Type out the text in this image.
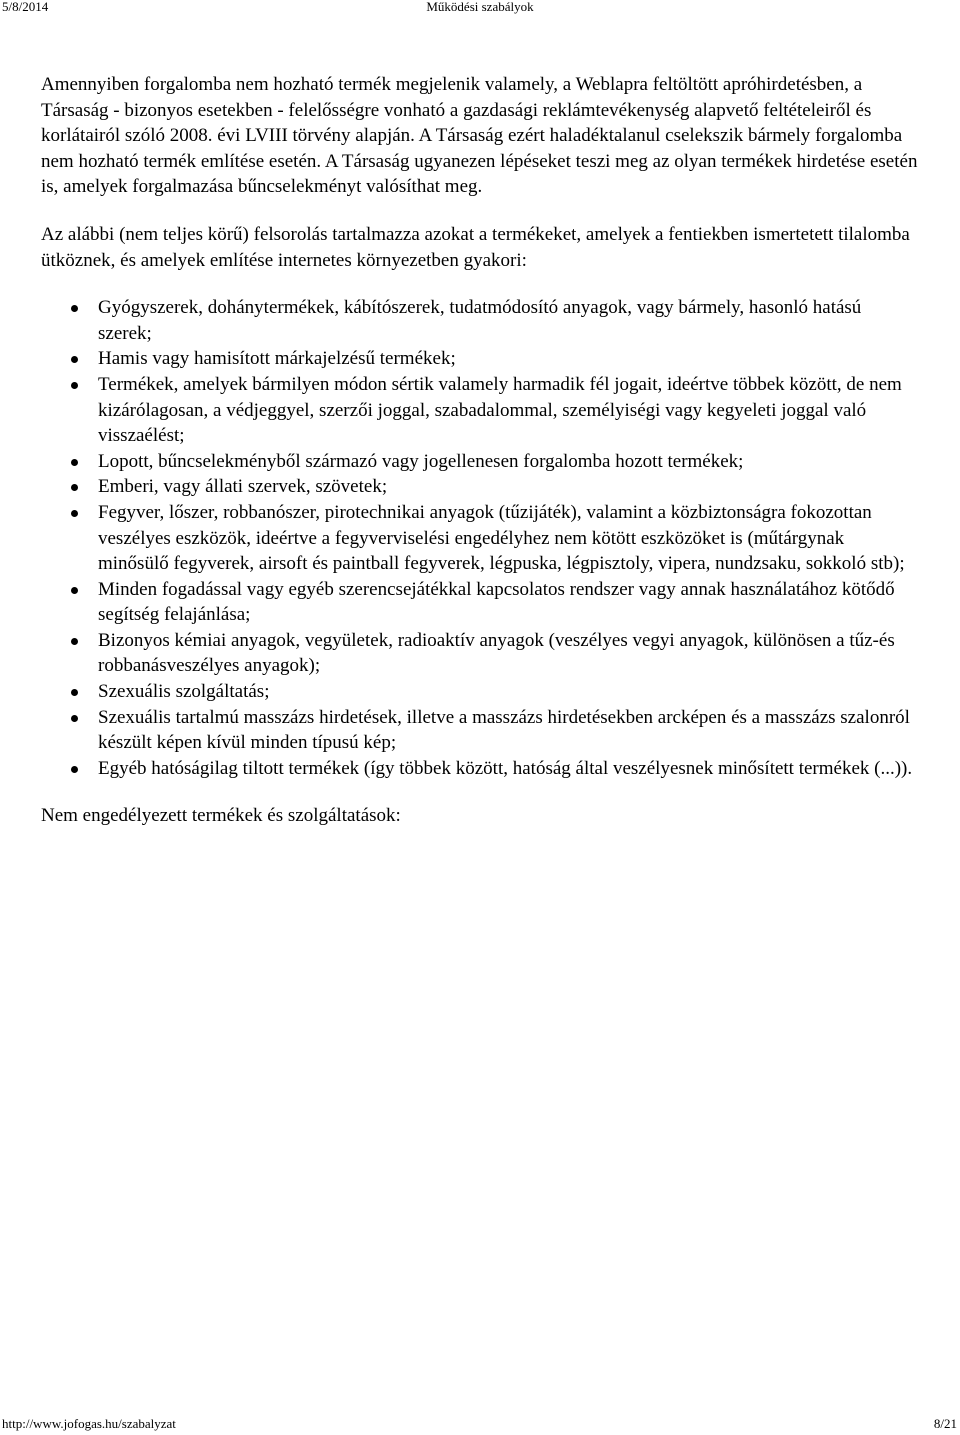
5/8/2014	Működési szabályok

Amennyiben forgalomba nem hozható termék megjelenik valamely, a Weblapra feltöltött apróhirdetésben, a Társaság - bizonyos esetekben - felelősségre vonható a gazdasági reklámtevékenység alapvető feltételeiről és korlátairól szóló 2008. évi LVIII törvény alapján. A Társaság ezért haladéktalanul cselekszik bármely forgalomba nem hozható termék említése esetén. A Társaság ugyanezen lépéseket teszi meg az olyan termékek hirdetése esetén is, amelyek forgalmazása bűncselekményt valósíthat meg.

Az alábbi (nem teljes körű) felsorolás tartalmazza azokat a termékeket, amelyek a fentiekben ismertetett tilalomba ütköznek, és amelyek említése internetes környezetben gyakori:

Gyógyszerek, dohánytermékek, kábítószerek, tudatmódosító anyagok, vagy bármely, hasonló hatású szerek;
Hamis vagy hamisított márkajelzésű termékek;
Termékek, amelyek bármilyen módon sértik valamely harmadik fél jogait, ideértve többek között, de nem kizárólagosan, a védjeggyel, szerzői joggal, szabadalommal, személyiségi vagy kegyeleti joggal való visszaélést;
Lopott, bűncselekményből származó vagy jogellenesen forgalomba hozott termékek;
Emberi, vagy állati szervek, szövetek;
Fegyver, lőszer, robbanószer, pirotechnikai anyagok (tűzijáték), valamint a közbiztonságra fokozottan veszélyes eszközök, ideértve a fegyverviselési engedélyhez nem kötött eszközöket is (műtárgynak minősülő fegyverek, airsoft és paintball fegyverek, légpuska, légpisztoly, vipera, nundzsaku, sokkoló stb);
Minden fogadással vagy egyéb szerencsejátékkal kapcsolatos rendszer vagy annak használatához kötődő segítség felajánlása;
Bizonyos kémiai anyagok, vegyületek, radioaktív anyagok (veszélyes vegyi anyagok, különösen a tűz-és robbanásveszélyes anyagok);
Szexuális szolgáltatás;
Szexuális tartalmú masszázs hirdetések, illetve a masszázs hirdetésekben arcképen és a masszázs szalonról készült képen kívül minden típusú kép;
Egyéb hatóságilag tiltott termékek (így többek között, hatóság által veszélyesnek minősített termékek (...)).

Nem engedélyezett termékek és szolgáltatások:

http://www.jofogas.hu/szabalyzat	8/21
